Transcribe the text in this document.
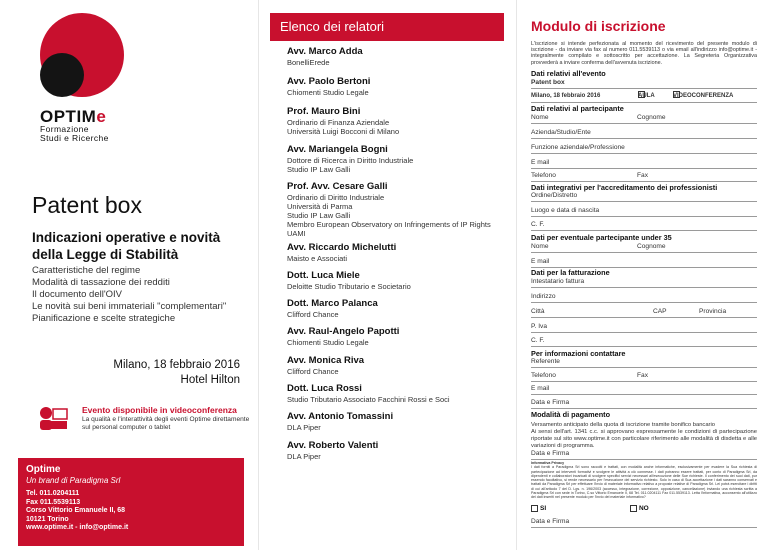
OPTIMe
Formazione
Studi e Ricerche
Patent box
Indicazioni operative e novità della Legge di Stabilità
Caratteristiche del regime
Modalità di tassazione dei redditi
Il documento dell'OIV
Le novità sui beni immateriali "complementari"
Pianificazione e scelte strategiche
Milano, 18 febbraio 2016
Hotel Hilton
Evento disponibile in videoconferenza
La qualità e l'interattività degli eventi Optime direttamente sul personal computer o tablet
Optime
Un brand di Paradigma Srl
Tel. 011.0204111
Fax 011.5539113
Corso Vittorio Emanuele II, 68
10121 Torino
www.optime.it - info@optime.it
Elenco dei relatori
Avv. Marco Adda
BonelliErede
Avv. Paolo Bertoni
Chiomenti Studio Legale
Prof. Mauro Bini
Ordinario di Finanza Aziendale
Università Luigi Bocconi di Milano
Avv. Mariangela Bogni
Dottore di Ricerca in Diritto Industriale
Studio IP Law Galli
Prof. Avv. Cesare Galli
Ordinario di Diritto Industriale
Università di Parma
Studio IP Law Galli
Membro European Observatory on Infringements of IP Rights UAMI
Avv. Riccardo Michelutti
Maisto e Associati
Dott. Luca Miele
Deloitte Studio Tributario e Societario
Dott. Marco Palanca
Clifford Chance
Avv. Raul-Angelo Papotti
Chiomenti Studio Legale
Avv. Monica Riva
Clifford Chance
Dott. Luca Rossi
Studio Tributario Associato Facchini Rossi e Soci
Avv. Antonio Tomassini
DLA Piper
Avv. Roberto Valenti
DLA Piper
Modulo di iscrizione
L'iscrizione si intende perfezionata al momento del ricevimento del presente modulo di iscrizione - da inviare via fax al numero 011.5539113 o via email all'indirizzo info@optime.it - integralmente compilato e sottoscritto per accettazione. La Segreteria Organizzativa provvederà a inviare conferma dell'avvenuta iscrizione.
Dati relativi all'evento
Patent box
Milano, 18 febbraio 2016	AULA	VIDEOCONFERENZA
Dati relativi al partecipante
Nome	Cognome
Azienda/Studio/Ente
Funzione aziendale/Professione
E mail
Telefono	Fax
Dati integrativi per l'accreditamento dei professionisti
Ordine/Distretto
Luogo e data di nascita
C. F.
Dati per eventuale partecipante under 35
Nome	Cognome
E mail
Dati per la fatturazione
Intestatario fattura
Indirizzo
Città	CAP	Provincia
P. Iva
C. F.
Per informazioni contattare
Referente
Telefono	Fax
E mail
Data e Firma
Modalità di pagamento
Versamento anticipato della quota di iscrizione tramite bonifico bancario
Ai sensi dell'art. 1341 c.c. si approvano espressamente le condizioni di partecipazione riportate sul sito www.optime.it con particolare riferimento alle modalità di disdetta e alle variazioni di programma.
Data e Firma
Informativa Privacy
I dati forniti a Paradigma Srl sono raccolti e trattati, con modalità anche informatiche, esclusivamente per evadere la Sua richiesta di partecipazione ad interventi formativi e svolgere le attività a ciò connesse. I dati potranno essere trattati, per conto di Paradigma Srl, da dipendenti e collaboratori incaricati di svolgere specifici servizi necessari all'esecuzione delle Sue richieste. Il conferimento dei suoi dati, pur essendo facoltativo, si rende necessario per l'esecuzione del servizio richiesto. Solo in caso di Sua accettazione i dati saranno conservati e trattati da Paradigma Srl per effettuare l'invio di materiale informativo relativo a proposte relative di Paradigma Srl. Lei potrà esercitare i diritti di cui all'articolo 7 del D. Lgs. n. 196/2003 (accesso, integrazione, correzione, opposizione, cancellazione) inviando una richiesta scritta a Paradigma Srl con sede in Torino, C.so Vittorio Emanuele II, 68 Tel. 011.0204111 Fax 011.5539113. Letta l'informativa, acconsento all'utilizzo dei dati inseriti nel presente modulo per l'invio del materiale informativo?
SI	NO
Data e Firma
